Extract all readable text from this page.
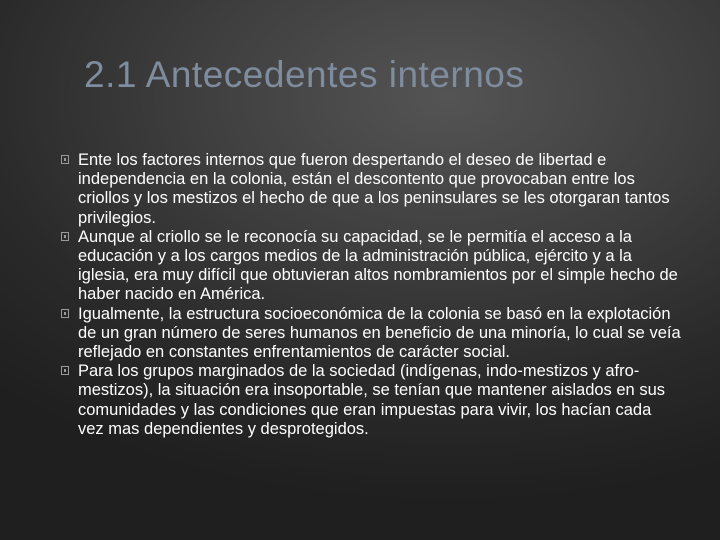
2.1 Antecedentes internos
Ente los factores internos que fueron despertando el deseo de libertad e independencia en la colonia, están el descontento que provocaban entre los criollos y los mestizos el hecho de que a los peninsulares se les otorgaran tantos privilegios.
Aunque al criollo se le reconocía su capacidad, se le permitía el acceso a la educación y a los cargos medios de la administración pública, ejército y a la iglesia, era muy difícil que obtuvieran altos nombramientos por el simple hecho de haber nacido en América.
Igualmente, la estructura socioeconómica de la colonia se basó en la explotación de un gran número de seres humanos en beneficio de una minoría, lo cual se veía reflejado en constantes enfrentamientos de carácter social.
Para los grupos marginados de la sociedad (indígenas, indo-mestizos y afro-mestizos), la situación era insoportable, se tenían que mantener aislados en sus comunidades y las condiciones que eran impuestas para vivir, los hacían cada vez mas dependientes y desprotegidos.
